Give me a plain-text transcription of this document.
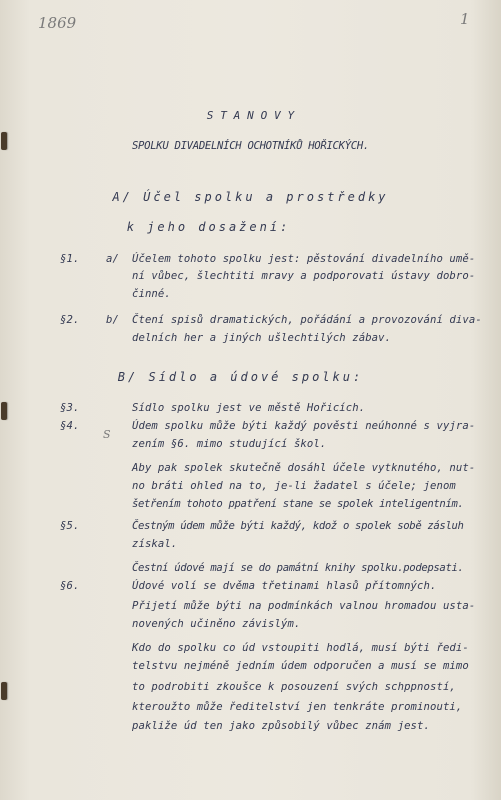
1869	1
S
S T A N O V Y
SPOLKU DIVADELNÍCH OCHOTNÍKŮ HOŘICKÝCH.
A/ Účel spolku a prostředky
k jeho dosažení:
§1.	a/ Účelem tohoto spolku jest: pěstování divadelního umě-
ní vůbec, šlechtiti mravy a podporovati ústavy dobro-
činné.
§2.	b/ Čtení spisů dramatických, pořádání a provozování diva-
delních her a jiných ušlechtilých zábav.
B/ Sídlo a údové spolku:
§3.	Sídlo spolku jest ve městě Hořicích.
§4.	Údem spolku může býti každý pověsti neúhonné s vyjra-
zením §6. mimo studující škol.
Aby pak spolek skutečně dosáhl účele vytknutého, nut-
no bráti ohled na to, je-li žadatel s účele; jenom
šetřením tohoto ppatření stane se spolek inteligentním.
§5.	Čestným údem může býti každý, kdož o spolek sobě zásluh
získal.
Čestní údové mají se do památní knihy spolku.podepsati.
§6.	Údové volí se dvěma třetinami hlasů přítomných.
Přijetí může býti na podmínkách valnou hromadou usta-
novených učiněno závislým.
Kdo do spolku co úd vstoupiti hodlá, musí býti ředi-
telstvu nejméně jedním údem odporučen a musí se mimo
to podrobiti zkoušce k posouzení svých schppností,
kteroužto může ředitelství jen tenkráte prominouti,
pakliže úd ten jako způsobilý vůbec znám jest.
